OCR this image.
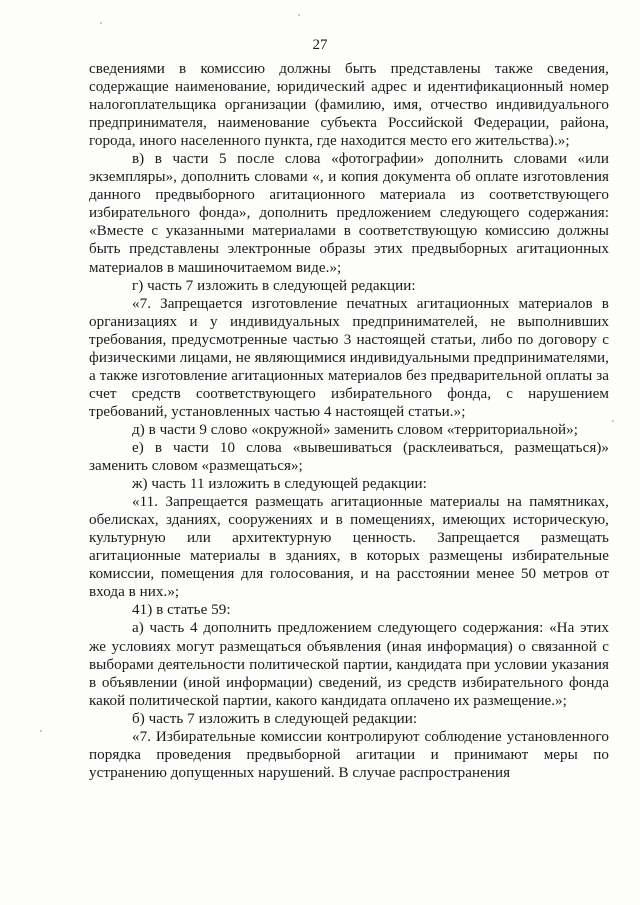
27

сведениями в комиссию должны быть представлены также сведения, содержащие наименование, юридический адрес и идентификационный номер налогоплательщика организации (фамилию, имя, отчество индивидуального предпринимателя, наименование субъекта Российской Федерации, района, города, иного населенного пункта, где находится место его жительства).»;

в) в части 5 после слова «фотографии» дополнить словами «или экземпляры», дополнить словами «, и копия документа об оплате изготовления данного предвыборного агитационного материала из соответствующего избирательного фонда», дополнить предложением следующего содержания: «Вместе с указанными материалами в соответствующую комиссию должны быть представлены электронные образы этих предвыборных агитационных материалов в машиночитаемом виде.»;

г) часть 7 изложить в следующей редакции:

«7. Запрещается изготовление печатных агитационных материалов в организациях и у индивидуальных предпринимателей, не выполнивших требования, предусмотренные частью 3 настоящей статьи, либо по договору с физическими лицами, не являющимися индивидуальными предпринимателями, а также изготовление агитационных материалов без предварительной оплаты за счет средств соответствующего избирательного фонда, с нарушением требований, установленных частью 4 настоящей статьи.»;

д) в части 9 слово «окружной» заменить словом «территориальной»;

е) в части 10 слова «вывешиваться (расклеиваться, размещаться)» заменить словом «размещаться»;

ж) часть 11 изложить в следующей редакции:

«11. Запрещается размещать агитационные материалы на памятниках, обелисках, зданиях, сооружениях и в помещениях, имеющих историческую, культурную или архитектурную ценность. Запрещается размещать агитационные материалы в зданиях, в которых размещены избирательные комиссии, помещения для голосования, и на расстоянии менее 50 метров от входа в них.»;

41) в статье 59:

а) часть 4 дополнить предложением следующего содержания: «На этих же условиях могут размещаться объявления (иная информация) о связанной с выборами деятельности политической партии, кандидата при условии указания в объявлении (иной информации) сведений, из средств избирательного фонда какой политической партии, какого кандидата оплачено их размещение.»;

б) часть 7 изложить в следующей редакции:

«7. Избирательные комиссии контролируют соблюдение установленного порядка проведения предвыборной агитации и принимают меры по устранению допущенных нарушений. В случае распространения
